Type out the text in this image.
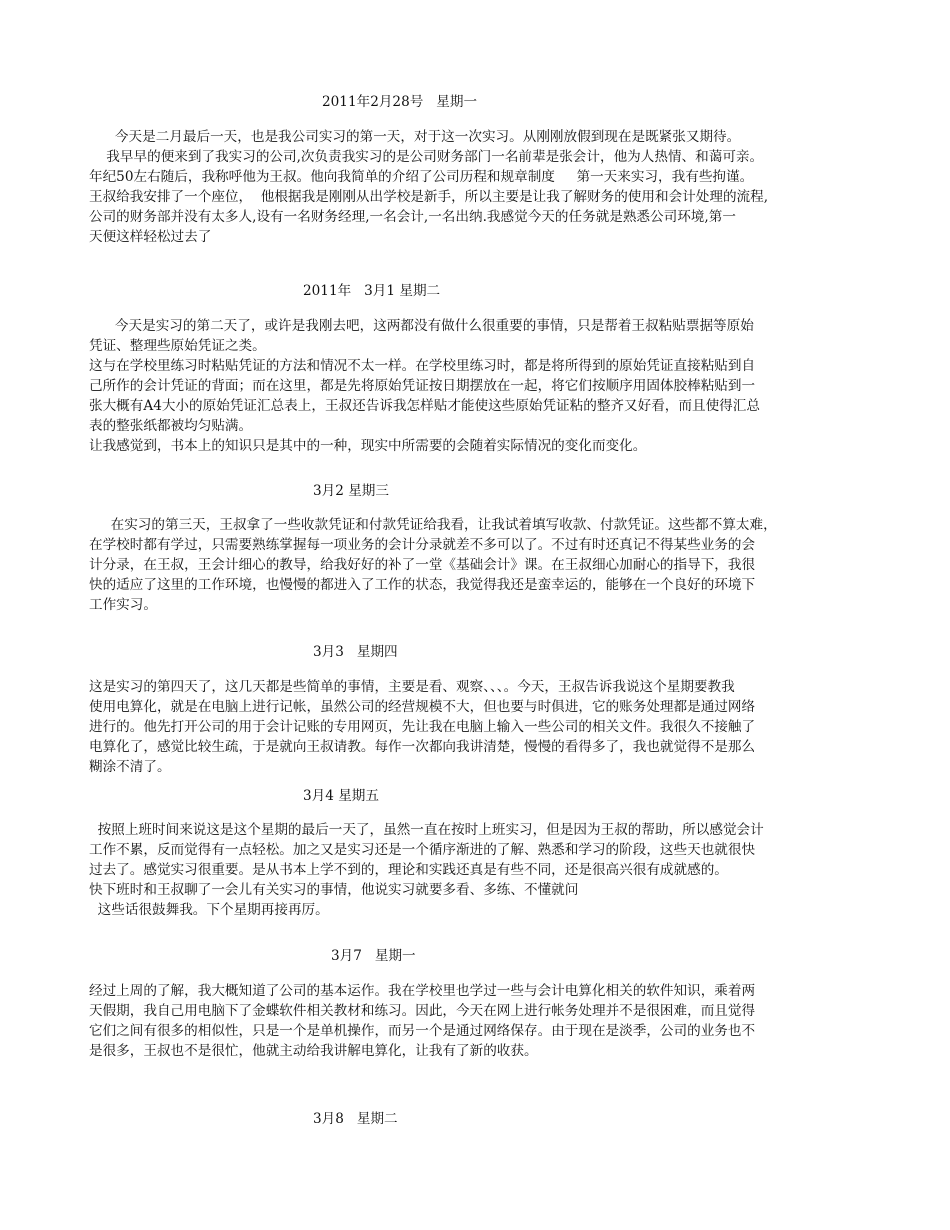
2011年2月28号   星期一
今天是二月最后一天，也是我公司实习的第一天，对于这一次实习。从刚刚放假到现在是既紧张又期待。
我早早的便来到了我实习的公司,次负责我实习的是公司财务部门一名前辈是张会计，他为人热情、和蔼可亲。
年纪50左右随后，我称呼他为王叔。他向我简单的介绍了公司历程和规章制度     第一天来实习，我有些拘谨。
王叔给我安排了一个座位，  他根据我是刚刚从出学校是新手，所以主要是让我了解财务的使用和会计处理的流程,
公司的财务部并没有太多人,设有一名财务经理,一名会计,一名出纳.我感觉今天的任务就是熟悉公司环境,第一
天便这样轻松过去了
2011年   3月1 星期二
今天是实习的第二天了，或许是我刚去吧，这两都没有做什么很重要的事情，只是帮着王叔粘贴票据等原始
凭证、整理些原始凭证之类。
这与在学校里练习时粘贴凭证的方法和情况不太一样。在学校里练习时，都是将所得到的原始凭证直接粘贴到自
己所作的会计凭证的背面；而在这里，都是先将原始凭证按日期摆放在一起，将它们按顺序用固体胶棒粘贴到一
张大概有A4大小的原始凭证汇总表上，王叔还告诉我怎样贴才能使这些原始凭证粘的整齐又好看，而且使得汇总
表的整张纸都被均匀贴满。
让我感觉到，书本上的知识只是其中的一种，现实中所需要的会随着实际情况的变化而变化。
3月2 星期三
在实习的第三天，王叔拿了一些收款凭证和付款凭证给我看，让我试着填写收款、付款凭证。这些都不算太难，
在学校时都有学过，只需要熟练掌握每一项业务的会计分录就差不多可以了。不过有时还真记不得某些业务的会
计分录，在王叔，王会计细心的教导，给我好好的补了一堂《基础会计》课。在王叔细心加耐心的指导下，我很
快的适应了这里的工作环境，也慢慢的都进入了工作的状态，我觉得我还是蛮幸运的，能够在一个良好的环境下
工作实习。
3月3   星期四
这是实习的第四天了，这几天都是些简单的事情，主要是看、观察、、、。今天，王叔告诉我说这个星期要教我
使用电算化，就是在电脑上进行记帐，虽然公司的经营规模不大，但也要与时俱进，它的账务处理都是通过网络
进行的。他先打开公司的用于会计记账的专用网页，先让我在电脑上输入一些公司的相关文件。我很久不接触了
电算化了，感觉比较生疏，于是就向王叔请教。每作一次都向我讲清楚，慢慢的看得多了，我也就觉得不是那么
糊涂不清了。
3月4 星期五
按照上班时间来说这是这个星期的最后一天了，虽然一直在按时上班实习，但是因为王叔的帮助，所以感觉会计
工作不累，反而觉得有一点轻松。加之又是实习还是一个循序渐进的了解、熟悉和学习的阶段，这些天也就很快
过去了。感觉实习很重要。是从书本上学不到的，理论和实践还真是有些不同，还是很高兴很有成就感的。
快下班时和王叔聊了一会儿有关实习的事情，他说实习就要多看、多练、不懂就问
这些话很鼓舞我。下个星期再接再厉。
3月7   星期一
经过上周的了解，我大概知道了公司的基本运作。我在学校里也学过一些与会计电算化相关的软件知识，乘着两
天假期，我自己用电脑下了金蝶软件相关教材和练习。因此，今天在网上进行帐务处理并不是很困难，而且觉得
它们之间有很多的相似性，只是一个是单机操作，而另一个是通过网络保存。由于现在是淡季，公司的业务也不
是很多，王叔也不是很忙，他就主动给我讲解电算化，让我有了新的收获。
3月8   星期二
